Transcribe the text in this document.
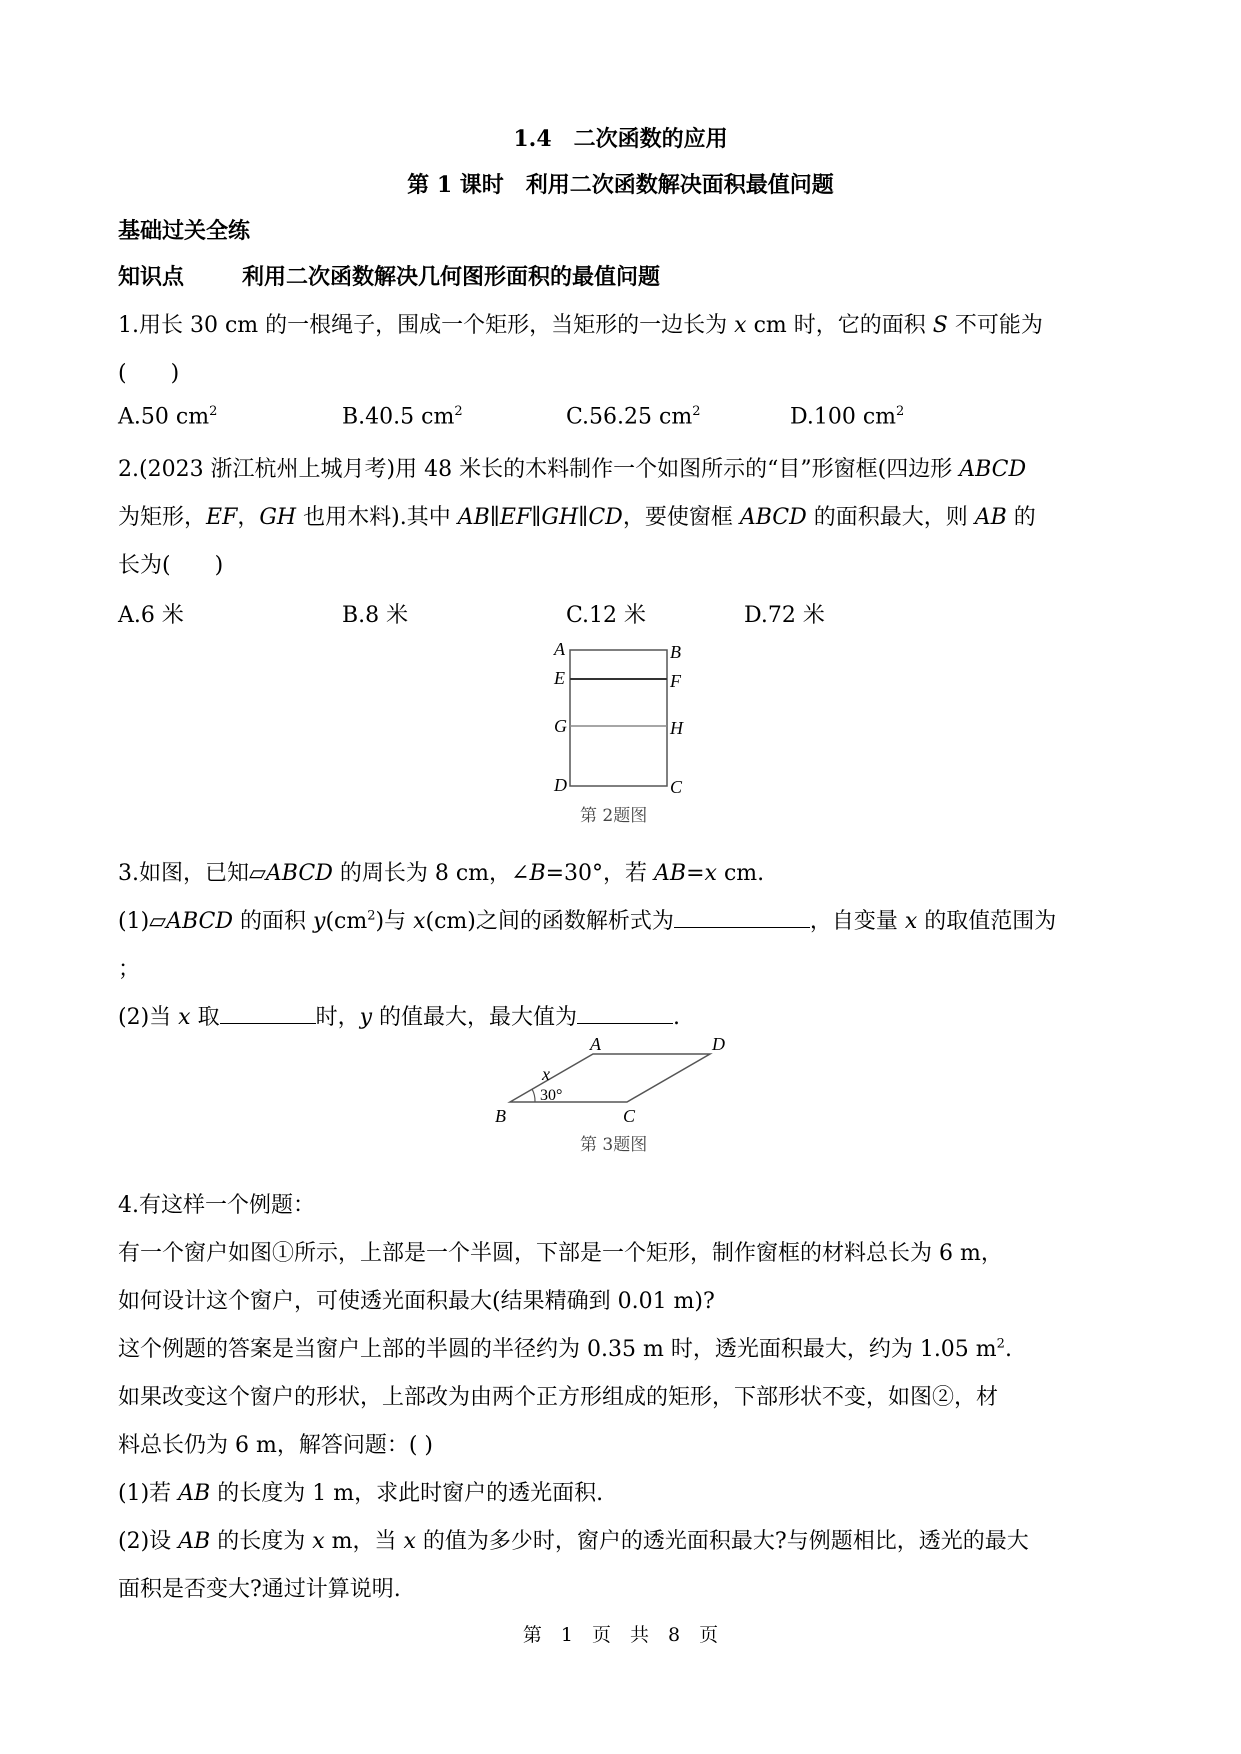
1.4　二次函数的应用
第 1 课时　利用二次函数解决面积最值问题
基础过关全练
知识点	利用二次函数解决几何图形面积的最值问题
1.用长 30 cm 的一根绳子，围成一个矩形，当矩形的一边长为 x cm 时，它的面积 S 不可能为
(　　)
A.50 $cm^2$	B.40.5 $cm^2$	C.56.25 $cm^2$	D.100 $cm^2$
2.(2023 浙江杭州上城月考)用 48 米长的木料制作一个如图所示的“目”形窗框(四边形 ABCD
为矩形，EF，GH 也用木料).其中 AB∥EF∥GH∥CD，要使窗框 ABCD 的面积最大，则 AB 的
长为(　　)
A.6 米	B.8 米	C.12 米	D.72 米
A	B
E	F
G	H
D	C
第 2题图
3.如图，已知▱ABCD 的周长为 8 cm，∠B=30°，若 AB=x cm.
(1)▱ABCD 的面积 $y(cm^2)$与 x(cm)之间的函数解析式为	，自变量 x 的取值范围为
；
(2)当 x 取	时，y 的值最大，最大值为	.
A	D
B	C
x
30°
第 3题图
4.有这样一个例题：
有一个窗户如图①所示，上部是一个半圆，下部是一个矩形，制作窗框的材料总长为 6 m，
如何设计这个窗户，可使透光面积最大(结果精确到 0.01 m)?
这个例题的答案是当窗户上部的半圆的半径约为 0.35 m 时，透光面积最大，约为 1.05 $m^2$.
如果改变这个窗户的形状，上部改为由两个正方形组成的矩形，下部形状不变，如图②，材
料总长仍为 6 m，解答问题：( )
(1)若 AB 的长度为 1 m，求此时窗户的透光面积.
(2)设 AB 的长度为 x m，当 x 的值为多少时，窗户的透光面积最大?与例题相比，透光的最大
面积是否变大?通过计算说明.
第　1　页　共　8　页
